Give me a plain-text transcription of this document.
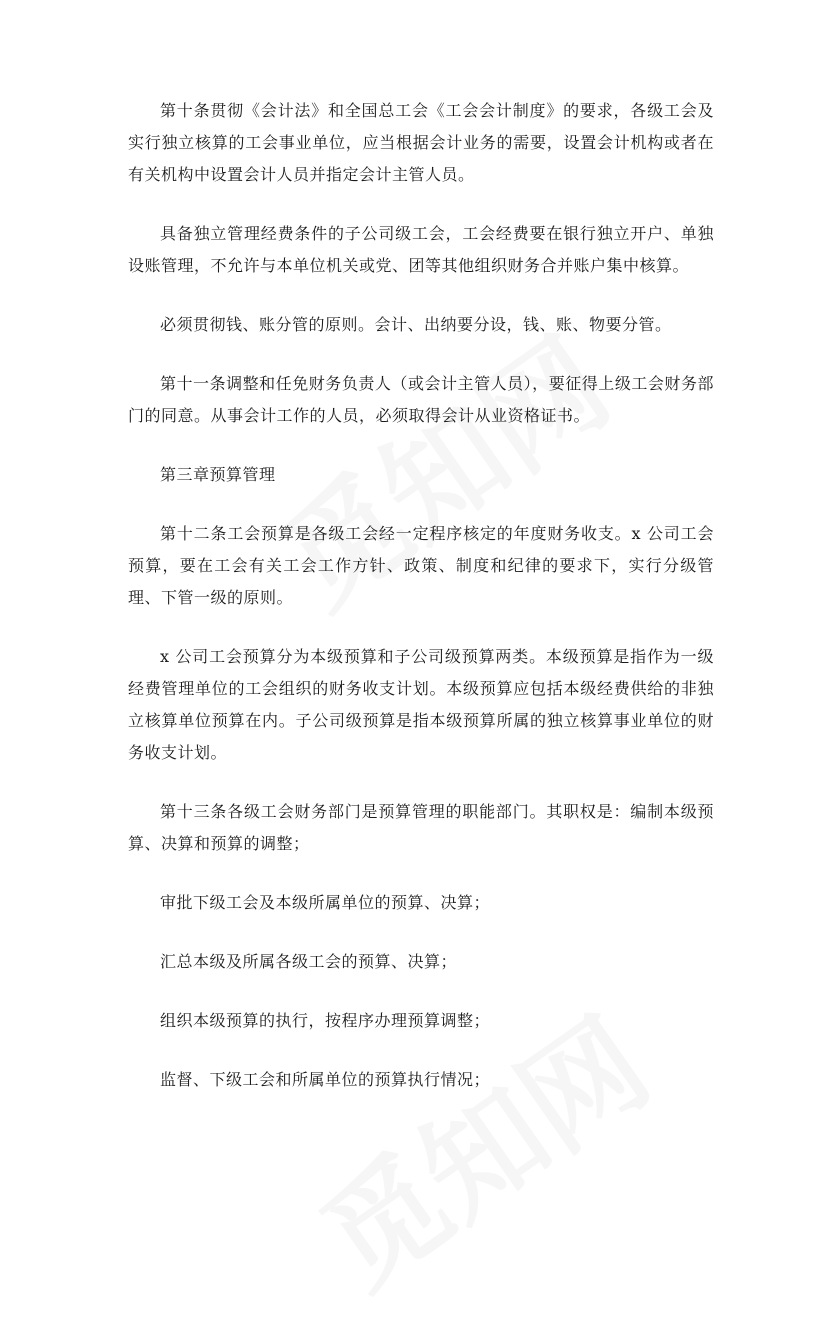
第十条贯彻《会计法》和全国总工会《工会会计制度》的要求，各级工会及实行独立核算的工会事业单位，应当根据会计业务的需要，设置会计机构或者在有关机构中设置会计人员并指定会计主管人员。

具备独立管理经费条件的子公司级工会，工会经费要在银行独立开户、单独设账管理，不允许与本单位机关或党、团等其他组织财务合并账户集中核算。

必须贯彻钱、账分管的原则。会计、出纳要分设，钱、账、物要分管。

第十一条调整和任免财务负责人（或会计主管人员），要征得上级工会财务部门的同意。从事会计工作的人员，必须取得会计从业资格证书。

第三章预算管理

第十二条工会预算是各级工会经一定程序核定的年度财务收支。x 公司工会预算，要在工会有关工会工作方针、政策、制度和纪律的要求下，实行分级管理、下管一级的原则。

x 公司工会预算分为本级预算和子公司级预算两类。本级预算是指作为一级经费管理单位的工会组织的财务收支计划。本级预算应包括本级经费供给的非独立核算单位预算在内。子公司级预算是指本级预算所属的独立核算事业单位的财务收支计划。

第十三条各级工会财务部门是预算管理的职能部门。其职权是：编制本级预算、决算和预算的调整；

审批下级工会及本级所属单位的预算、决算；

汇总本级及所属各级工会的预算、决算；

组织本级预算的执行，按程序办理预算调整；

监督、下级工会和所属单位的预算执行情况；
